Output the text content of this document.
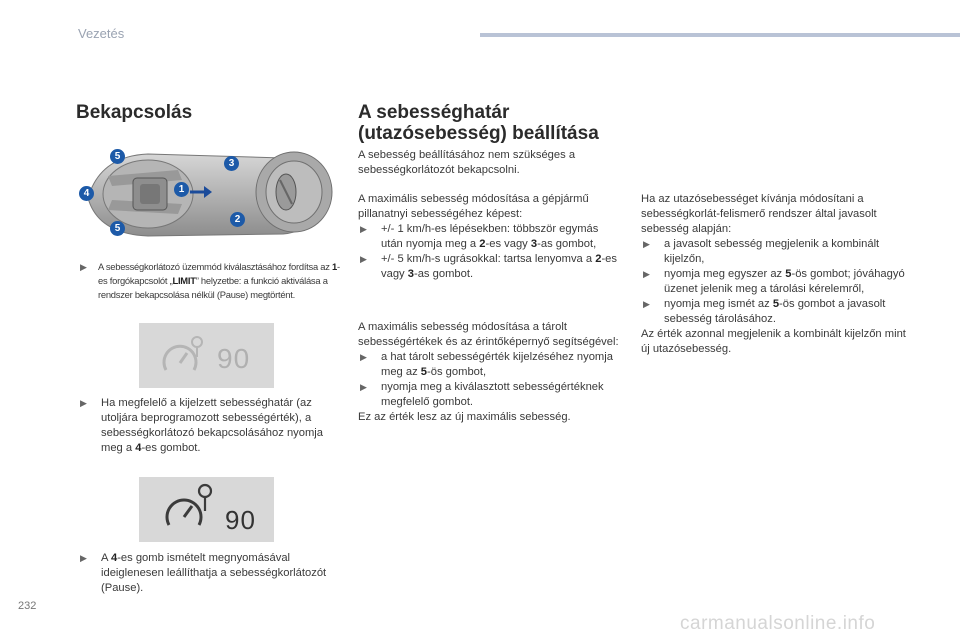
Vezetés
Bekapcsolás
5
4
5
1
3
2
▶ A sebességkorlátozó üzemmód kiválasztásához fordítsa az 1-es forgókapcsolót „LIMIT” helyzetbe: a funkció aktiválása a rendszer bekapcsolása nélkül (Pause) megtörtént.
90
▶ Ha megfelelő a kijelzett sebességhatár (az utoljára beprogramozott sebességérték), a sebességkorlátozó bekapcsolásához nyomja meg a 4-es gombot.
90
▶ A 4-es gomb ismételt megnyomásával ideiglenesen leállíthatja a sebességkorlátozót (Pause).
A sebességhatár
(utazósebesség) beállítása
A sebesség beállításához nem szükséges a sebességkorlátozót bekapcsolni.
A maximális sebesség módosítása a gépjármű pillanatnyi sebességéhez képest:
▶ +/- 1 km/h-es lépésekben: többször egymás után nyomja meg a 2-es vagy 3-as gombot,
▶ +/- 5 km/h-s ugrásokkal: tartsa lenyomva a 2-es vagy 3-as gombot.
A maximális sebesség módosítása a tárolt sebességértékek és az érintőképernyő segítségével:
▶ a hat tárolt sebességérték kijelzéséhez nyomja meg az 5-ös gombot,
▶ nyomja meg a kiválasztott sebességértéknek megfelelő gombot.
Ez az érték lesz az új maximális sebesség.
Ha az utazósebességet kívánja módosítani a sebességkorlát-felismerő rendszer által javasolt sebesség alapján:
▶ a javasolt sebesség megjelenik a kombinált kijelzőn,
▶ nyomja meg egyszer az 5-ös gombot; jóváhagyó üzenet jelenik meg a tárolási kérelemről,
▶ nyomja meg ismét az 5-ös gombot a javasolt sebesség tárolásához.
Az érték azonnal megjelenik a kombinált kijelzőn mint új utazósebesség.
232
carmanualsonline.info
